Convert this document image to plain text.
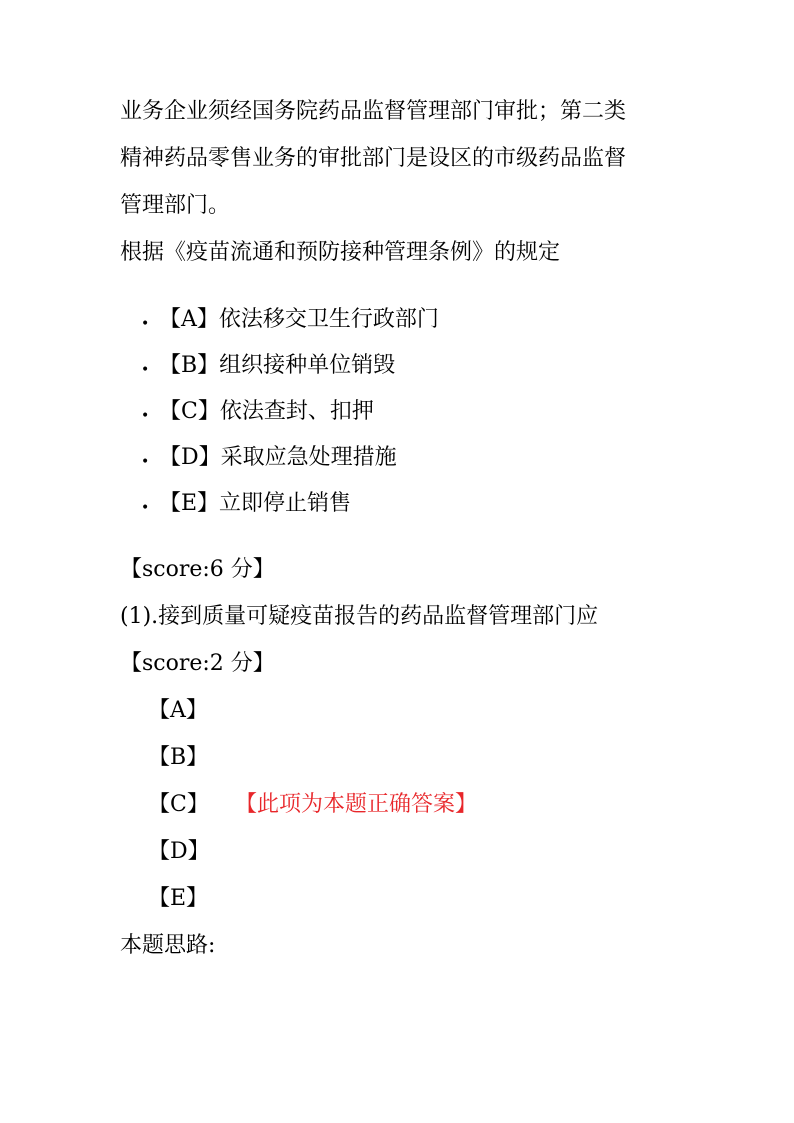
业务企业须经国务院药品监督管理部门审批；第二类
精神药品零售业务的审批部门是设区的市级药品监督
管理部门。
根据《疫苗流通和预防接种管理条例》的规定
• 【A】依法移交卫生行政部门
• 【B】组织接种单位销毁
• 【C】依法查封、扣押
• 【D】采取应急处理措施
• 【E】立即停止销售
【score:6 分】
(1).接到质量可疑疫苗报告的药品监督管理部门应
【score:2 分】
【A】
【B】
【C】 【此项为本题正确答案】
【D】
【E】
本题思路:
